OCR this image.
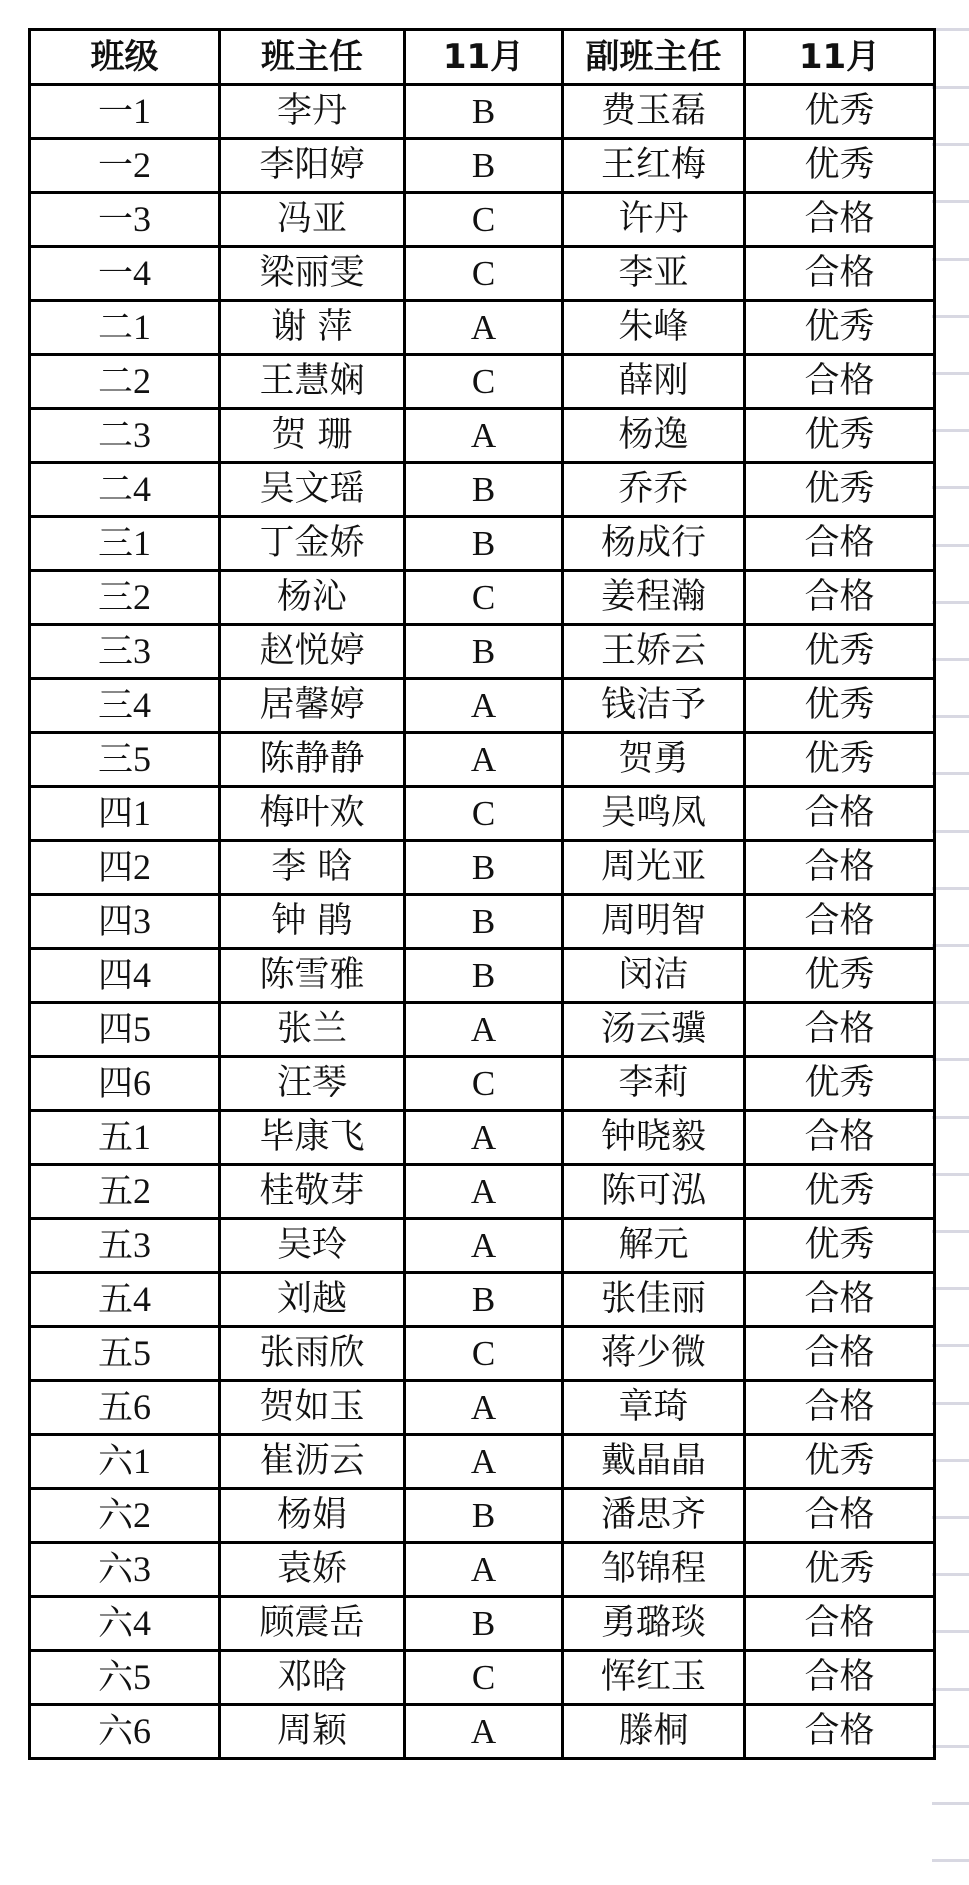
班级	班主任	11月	副班主任	11月
一1	李丹	B	费玉磊	优秀
一2	李阳婷	B	王红梅	优秀
一3	冯亚	C	许丹	合格
一4	梁丽雯	C	李亚	合格
二1	谢 萍	A	朱峰	优秀
二2	王慧娴	C	薛刚	合格
二3	贺 珊	A	杨逸	优秀
二4	吴文瑶	B	乔乔	优秀
三1	丁金娇	B	杨成行	合格
三2	杨沁	C	姜程瀚	合格
三3	赵悦婷	B	王娇云	优秀
三4	居馨婷	A	钱洁予	优秀
三5	陈静静	A	贺勇	优秀
四1	梅叶欢	C	吴鸣凤	合格
四2	李 晗	B	周光亚	合格
四3	钟 鹃	B	周明智	合格
四4	陈雪雅	B	闵洁	优秀
四5	张兰	A	汤云骥	合格
四6	汪琴	C	李莉	优秀
五1	毕康飞	A	钟晓毅	合格
五2	桂敬芽	A	陈可泓	优秀
五3	吴玲	A	解元	优秀
五4	刘越	B	张佳丽	合格
五5	张雨欣	C	蒋少微	合格
五6	贺如玉	A	章琦	合格
六1	崔沥云	A	戴晶晶	优秀
六2	杨娟	B	潘思齐	合格
六3	袁娇	A	邹锦程	优秀
六4	顾震岳	B	勇璐琰	合格
六5	邓晗	C	恽红玉	合格
六6	周颖	A	滕桐	合格
